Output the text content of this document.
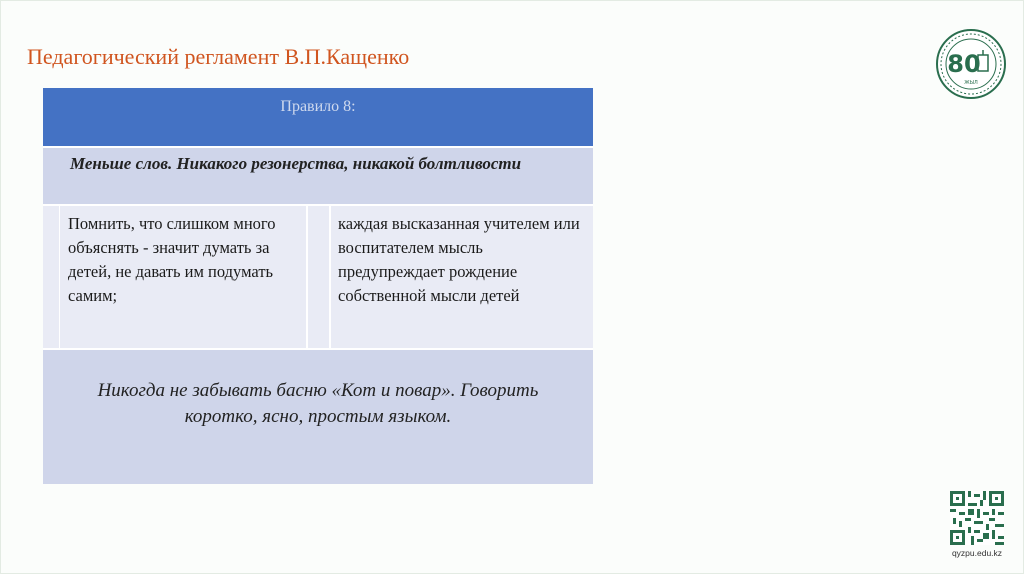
Педагогический регламент В.П.Кащенко	80
ЖЫЛ
Правило 8:
Меньше слов. Никакого резонерства, никакой болтливости
Помнить, что слишком много объяснять - значит думать за детей, не давать им подумать самим;
каждая высказанная учителем или воспитателем мысль предупреждает рождение собственной мысли детей
Никогда не забывать басню «Кот и повар». Говорить коротко, ясно, простым языком.
qyzpu.edu.kz
